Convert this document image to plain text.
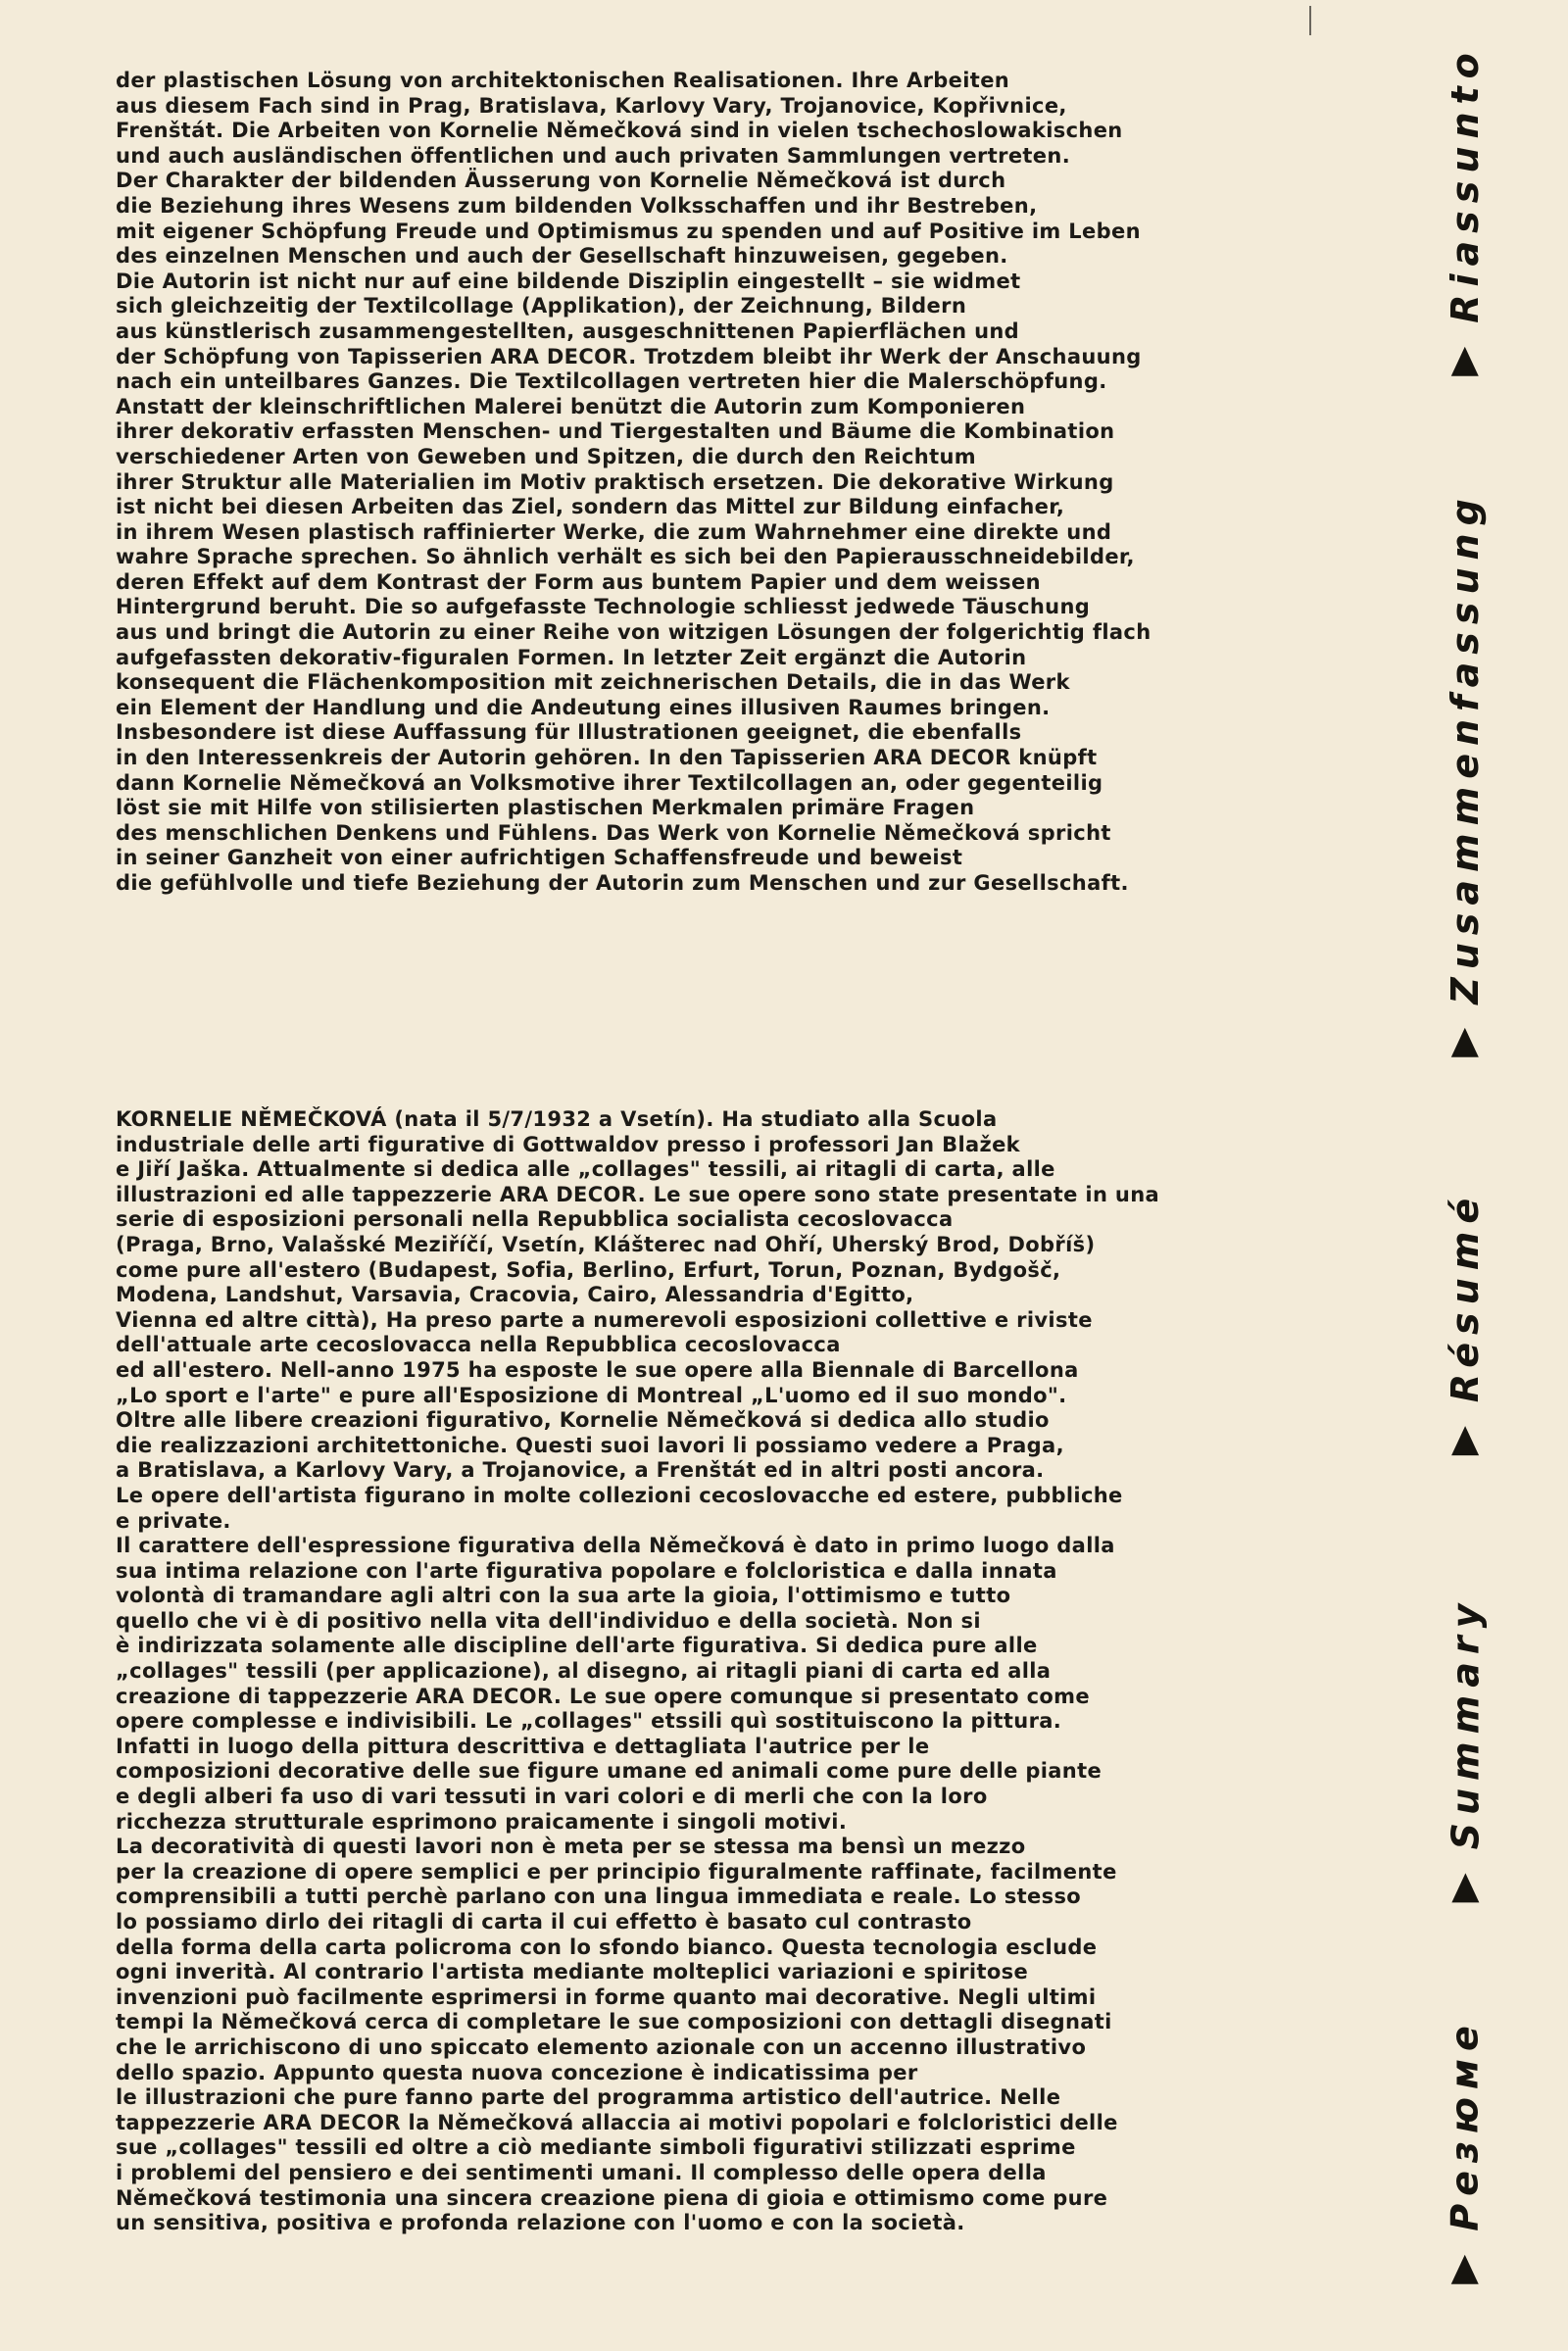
der plastischen Lösung von architektonischen Realisationen. Ihre Arbeiten
aus diesem Fach sind in Prag, Bratislava, Karlovy Vary, Trojanovice, Kopřivnice,
Frenštát. Die Arbeiten von Kornelie Němečková sind in vielen tschechoslowakischen
und auch ausländischen öffentlichen und auch privaten Sammlungen vertreten.
Der Charakter der bildenden Äusserung von Kornelie Němečková ist durch
die Beziehung ihres Wesens zum bildenden Volksschaffen und ihr Bestreben,
mit eigener Schöpfung Freude und Optimismus zu spenden und auf Positive im Leben
des einzelnen Menschen und auch der Gesellschaft hinzuweisen, gegeben.
Die Autorin ist nicht nur auf eine bildende Disziplin eingestellt – sie widmet
sich gleichzeitig der Textilcollage (Applikation), der Zeichnung, Bildern
aus künstlerisch zusammengestellten, ausgeschnittenen Papierflächen und
der Schöpfung von Tapisserien ARA DECOR. Trotzdem bleibt ihr Werk der Anschauung
nach ein unteilbares Ganzes. Die Textilcollagen vertreten hier die Malerschöpfung.
Anstatt der kleinschriftlichen Malerei benützt die Autorin zum Komponieren
ihrer dekorativ erfassten Menschen- und Tiergestalten und Bäume die Kombination
verschiedener Arten von Geweben und Spitzen, die durch den Reichtum
ihrer Struktur alle Materialien im Motiv praktisch ersetzen. Die dekorative Wirkung
ist nicht bei diesen Arbeiten das Ziel, sondern das Mittel zur Bildung einfacher,
in ihrem Wesen plastisch raffinierter Werke, die zum Wahrnehmer eine direkte und
wahre Sprache sprechen. So ähnlich verhält es sich bei den Papierausschneidebilder,
deren Effekt auf dem Kontrast der Form aus buntem Papier und dem weissen
Hintergrund beruht. Die so aufgefasste Technologie schliesst jedwede Täuschung
aus und bringt die Autorin zu einer Reihe von witzigen Lösungen der folgerichtig flach
aufgefassten dekorativ-figuralen Formen. In letzter Zeit ergänzt die Autorin
konsequent die Flächenkomposition mit zeichnerischen Details, die in das Werk
ein Element der Handlung und die Andeutung eines illusiven Raumes bringen.
Insbesondere ist diese Auffassung für Illustrationen geeignet, die ebenfalls
in den Interessenkreis der Autorin gehören. In den Tapisserien ARA DECOR knüpft
dann Kornelie Němečková an Volksmotive ihrer Textilcollagen an, oder gegenteilig
löst sie mit Hilfe von stilisierten plastischen Merkmalen primäre Fragen
des menschlichen Denkens und Fühlens. Das Werk von Kornelie Němečková spricht
in seiner Ganzheit von einer aufrichtigen Schaffensfreude und beweist
die gefühlvolle und tiefe Beziehung der Autorin zum Menschen und zur Gesellschaft.
KORNELIE NĚMEČKOVÁ (nata il 5/7/1932 a Vsetín). Ha studiato alla Scuola
industriale delle arti figurative di Gottwaldov presso i professori Jan Blažek
e Jiří Jaška. Attualmente si dedica alle „collages" tessili, ai ritagli di carta, alle
illustrazioni ed alle tappezzerie ARA DECOR. Le sue opere sono state presentate in una
serie di esposizioni personali nella Repubblica socialista cecoslovacca
(Praga, Brno, Valašské Meziříčí, Vsetín, Klášterec nad Ohří, Uherský Brod, Dobříš)
come pure all'estero (Budapest, Sofia, Berlino, Erfurt, Torun, Poznan, Bydgošč,
Modena, Landshut, Varsavia, Cracovia, Cairo, Alessandria d'Egitto,
Vienna ed altre città), Ha preso parte a numerevoli esposizioni collettive e riviste
dell'attuale arte cecoslovacca nella Repubblica cecoslovacca
ed all'estero. Nell-anno 1975 ha esposte le sue opere alla Biennale di Barcellona
„Lo sport e l'arte" e pure all'Esposizione di Montreal „L'uomo ed il suo mondo".
Oltre alle libere creazioni figurativo, Kornelie Němečková si dedica allo studio
die realizzazioni architettoniche. Questi suoi lavori li possiamo vedere a Praga,
a Bratislava, a Karlovy Vary, a Trojanovice, a Frenštát ed in altri posti ancora.
Le opere dell'artista figurano in molte collezioni cecoslovacche ed estere, pubbliche
e private.
Il carattere dell'espressione figurativa della Němečková è dato in primo luogo dalla
sua intima relazione con l'arte figurativa popolare e folcloristica e dalla innata
volontà di tramandare agli altri con la sua arte la gioia, l'ottimismo e tutto
quello che vi è di positivo nella vita dell'individuo e della società. Non si
è indirizzata solamente alle discipline dell'arte figurativa. Si dedica pure alle
„collages" tessili (per applicazione), al disegno, ai ritagli piani di carta ed alla
creazione di tappezzerie ARA DECOR. Le sue opere comunque si presentato come
opere complesse e indivisibili. Le „collages" etssili quì sostituiscono la pittura.
Infatti in luogo della pittura descrittiva e dettagliata l'autrice per le
composizioni decorative delle sue figure umane ed animali come pure delle piante
e degli alberi fa uso di vari tessuti in vari colori e di merli che con la loro
ricchezza strutturale esprimono praicamente i singoli motivi.
La decoratività di questi lavori non è meta per se stessa ma bensì un mezzo
per la creazione di opere semplici e per principio figuralmente raffinate, facilmente
comprensibili a tutti perchè parlano con una lingua immediata e reale. Lo stesso
lo possiamo dirlo dei ritagli di carta il cui effetto è basato cul contrasto
della forma della carta policroma con lo sfondo bianco. Questa tecnologia esclude
ogni inverità. Al contrario l'artista mediante molteplici variazioni e spiritose
invenzioni può facilmente esprimersi in forme quanto mai decorative. Negli ultimi
tempi la Němečková cerca di completare le sue composizioni con dettagli disegnati
che le arrichiscono di uno spiccato elemento azionale con un accenno illustrativo
dello spazio. Appunto questa nuova concezione è indicatissima per
le illustrazioni che pure fanno parte del programma artistico dell'autrice. Nelle
tappezzerie ARA DECOR la Němečková allaccia ai motivi popolari e folcloristici delle
sue „collages" tessili ed oltre a ciò mediante simboli figurativi stilizzati esprime
i problemi del pensiero e dei sentimenti umani. Il complesso delle opera della
Němečková testimonia una sincera creazione piena di gioia e ottimismo come pure
un sensitiva, positiva e profonda relazione con l'uomo e con la società.
Riassunto
Zusammenfassung
Résumé
Summary
Резюме
